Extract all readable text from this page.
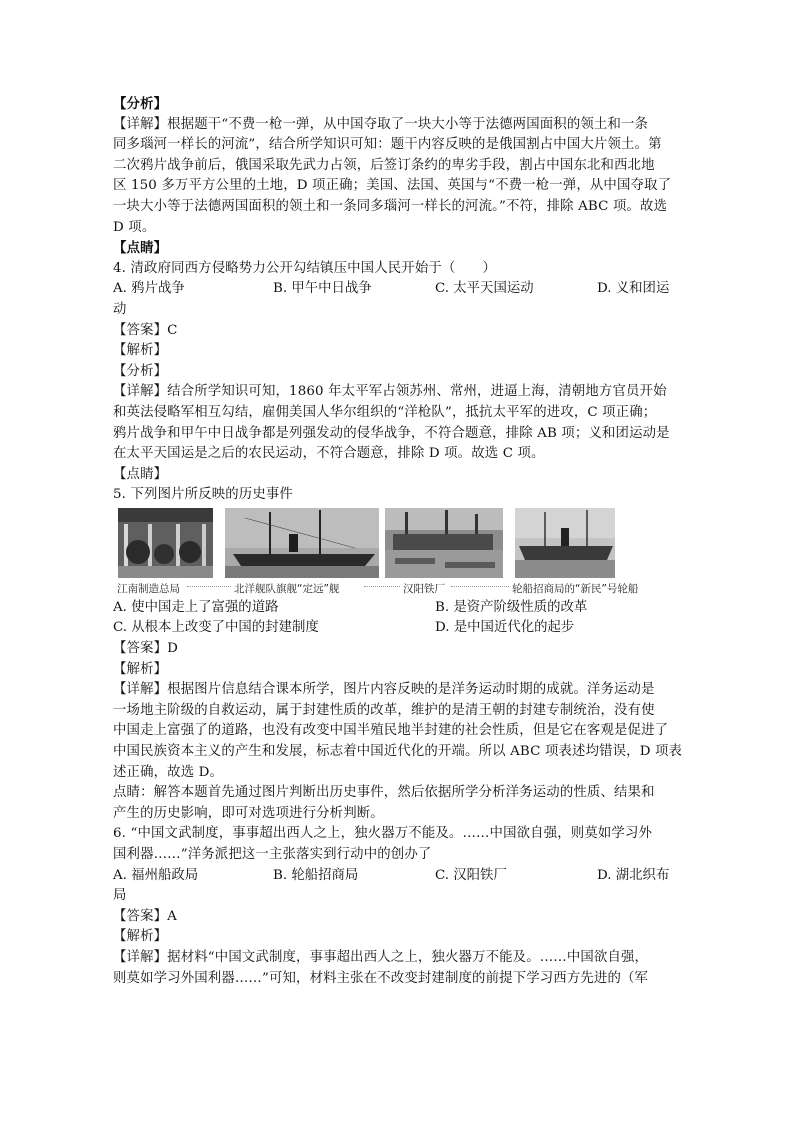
【分析】
【详解】根据题干“不费一枪一弹，从中国夺取了一块大小等于法德两国面积的领土和一条
同多瑙河一样长的河流”，结合所学知识可知：题干内容反映的是俄国割占中国大片领土。第
二次鸦片战争前后，俄国采取先武力占领，后签订条约的卑劣手段，割占中国东北和西北地
区 150 多万平方公里的土地，D 项正确；美国、法国、英国与“不费一枪一弹，从中国夺取了
一块大小等于法德两国面积的领土和一条同多瑙河一样长的河流。”不符，排除 ABC 项。故选
D 项。
【点睛】
4. 清政府同西方侵略势力公开勾结镇压中国人民开始于（　　）
A. 鸦片战争	B. 甲午中日战争	C. 太平天国运动	D. 义和团运
动
【答案】C
【解析】
【分析】
【详解】结合所学知识可知，1860 年太平军占领苏州、常州，进逼上海，清朝地方官员开始
和英法侵略军相互勾结，雇佣美国人华尔组织的“洋枪队”，抵抗太平军的进攻，C 项正确；
鸦片战争和甲午中日战争都是列强发动的侵华战争，不符合题意，排除 AB 项；义和团运动是
在太平天国运是之后的农民运动，不符合题意，排除 D 项。故选 C 项。
【点睛】
5. 下列图片所反映的历史事件
江南制造总局	北洋舰队旗舰“定远”舰	汉阳铁厂	轮船招商局的“新民”号轮船
A. 使中国走上了富强的道路	B. 是资产阶级性质的改革
C. 从根本上改变了中国的封建制度	D. 是中国近代化的起步
【答案】D
【解析】
【详解】根据图片信息结合课本所学，图片内容反映的是洋务运动时期的成就。洋务运动是
一场地主阶级的自救运动，属于封建性质的改革，维护的是清王朝的封建专制统治，没有使
中国走上富强了的道路，也没有改变中国半殖民地半封建的社会性质，但是它在客观是促进了
中国民族资本主义的产生和发展，标志着中国近代化的开端。所以 ABC 项表述均错误，D 项表
述正确，故选 D。
点睛：解答本题首先通过图片判断出历史事件，然后依据所学分析洋务运动的性质、结果和
产生的历史影响，即可对选项进行分析判断。
6. “中国文武制度，事事超出西人之上，独火器万不能及。……中国欲自强，则莫如学习外
国利器……”洋务派把这一主张落实到行动中的创办了
A. 福州船政局	B. 轮船招商局	C. 汉阳铁厂	D. 湖北织布
局
【答案】A
【解析】
【详解】据材料“中国文武制度，事事超出西人之上，独火器万不能及。……中国欲自强，
则莫如学习外国利器……”可知，材料主张在不改变封建制度的前提下学习西方先进的（军
